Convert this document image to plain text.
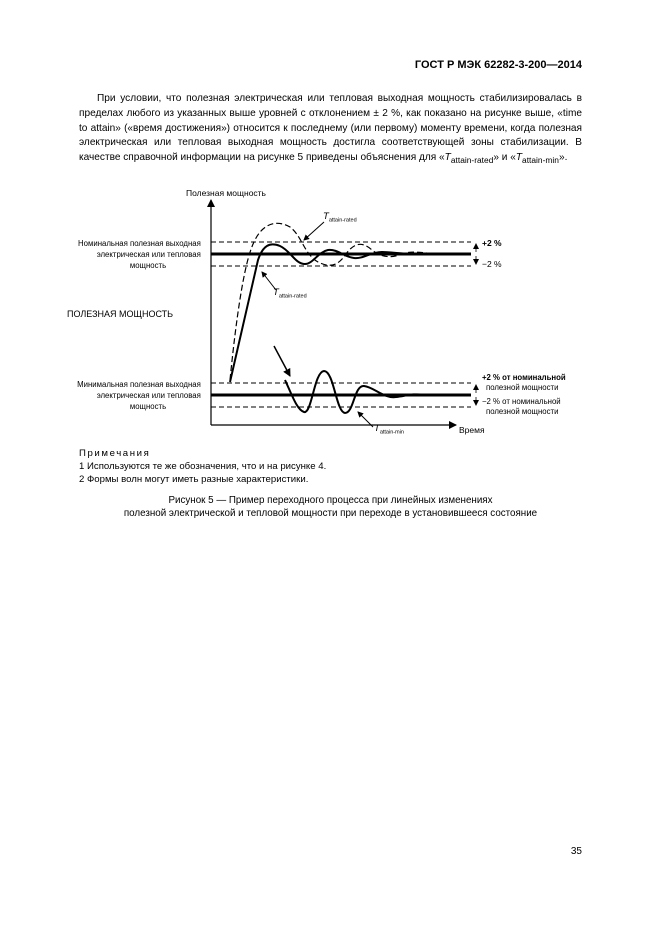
ГОСТ Р МЭК 62282-3-200—2014

При условии, что полезная электрическая или тепловая выходная мощность стабилизировалась в пределах любого из указанных выше уровней с отклонением ± 2 %, как показано на рисунке выше, «time to attain» («время достижения») относится к последнему (или первому) моменту времени, когда полезная электрическая или тепловая выходная мощность достигла соответствующей зоны стабилизации. В качестве справочной информации на рисунке 5 приведены объяснения для «$T_{attain-rated}$» и «$T_{attain-min}$».

Полезная мощность
Время
$T_{attain-rated}$
$T_{attain-rated}$
$T_{attain-min}$
Номинальная полезная выходная электрическая или тепловая мощность
ПОЛЕЗНАЯ МОЩНОСТЬ
Минимальная полезная выходная электрическая или тепловая мощность
+2 %
−2 %
+2 % от номинальной полезной мощности
−2 % от номинальной полезной мощности
Примечания
1 Используются те же обозначения, что и на рисунке 4.
2 Формы волн могут иметь разные характеристики.
Рисунок 5 — Пример переходного процесса при линейных изменениях
полезной электрической и тепловой мощности при переходе в установившееся состояние
35
